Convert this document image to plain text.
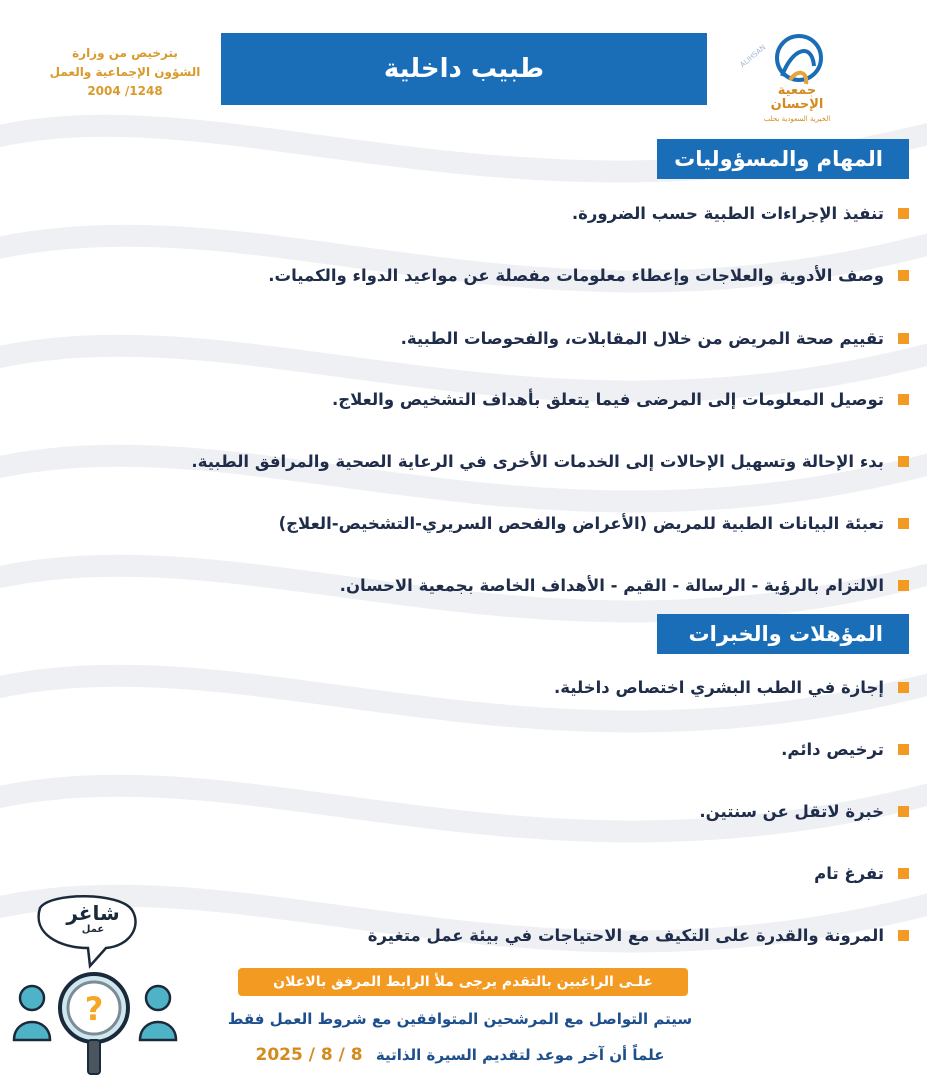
بترخيص من وزارة
الشؤون الإجماعية والعمل
1248/ 2004
طبيب داخلية	ALIHSAN
جمعية الإحسان
الخيرية السعودية بحلب
المهام والمسؤوليات
تنفيذ الإجراءات الطبية حسب الضرورة.
وصف الأدوية والعلاجات وإعطاء معلومات مفصلة عن مواعيد الدواء والكميات.
تقييم صحة المريض من خلال المقابلات، والفحوصات الطبية.
توصيل المعلومات إلى المرضى فيما يتعلق بأهداف التشخيص والعلاج.
بدء الإحالة وتسهيل الإحالات إلى الخدمات الأخرى في الرعاية الصحية والمرافق الطبية.
تعبئة البيانات الطبية للمريض (الأعراض والفحص السريري-التشخيص-العلاج)
الالتزام بالرؤية - الرسالة - القيم - الأهداف الخاصة بجمعية الاحسان.
المؤهلات والخبرات
إجازة في الطب البشري اختصاص داخلية.
ترخيص دائم.
خبرة لاتقل عن سنتين.
تفرغ تام
المرونة والقدرة على التكيف مع الاحتياجات في بيئة عمل متغيرة
علـى الراغبين بالتقدم يرجى ملأ الرابط المرفق بالاعلان
سيتم التواصل مع المرشحين المتوافقين مع شروط العمل فقط
علماً أن آخر موعد لتقديم السيرة الذاتية 8 / 8 / 2025
?
شاغر
عمل
